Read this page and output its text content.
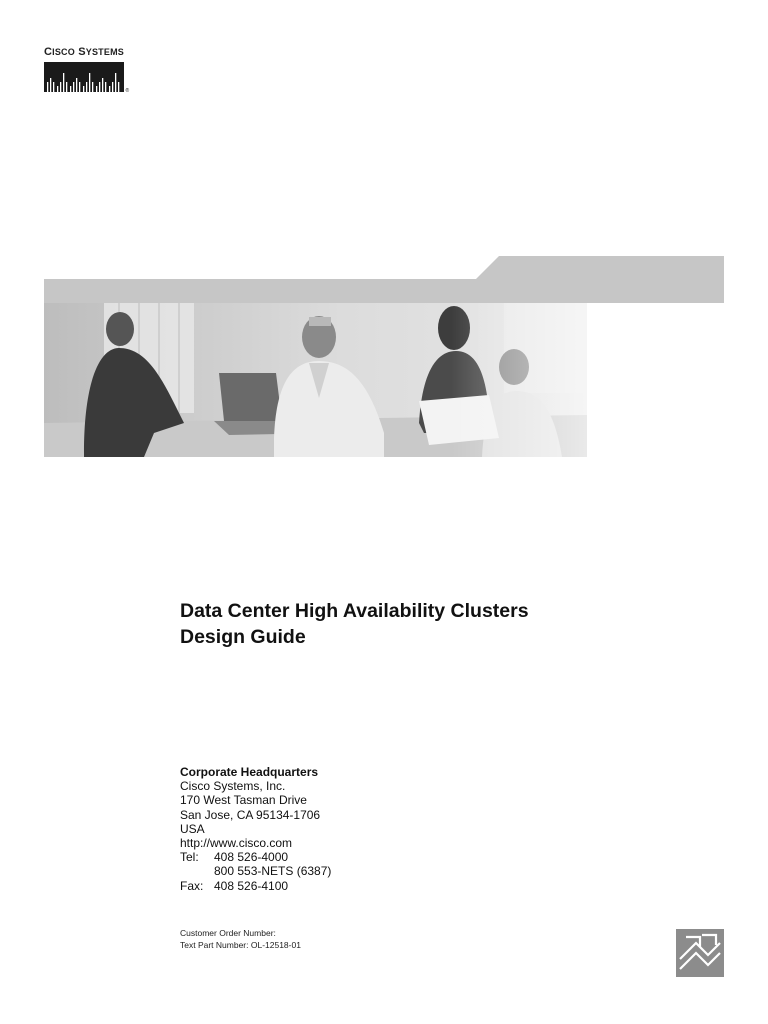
CISCO SYSTEMS
®
Data Center High Availability Clusters
Design Guide
Corporate Headquarters
Cisco Systems, Inc.
170 West Tasman Drive
San Jose, CA 95134-1706
USA
http://www.cisco.com
Tel:	408 526-4000
800 553-NETS (6387)
Fax: 408 526-4100
Customer Order Number:
Text Part Number: OL-12518-01
